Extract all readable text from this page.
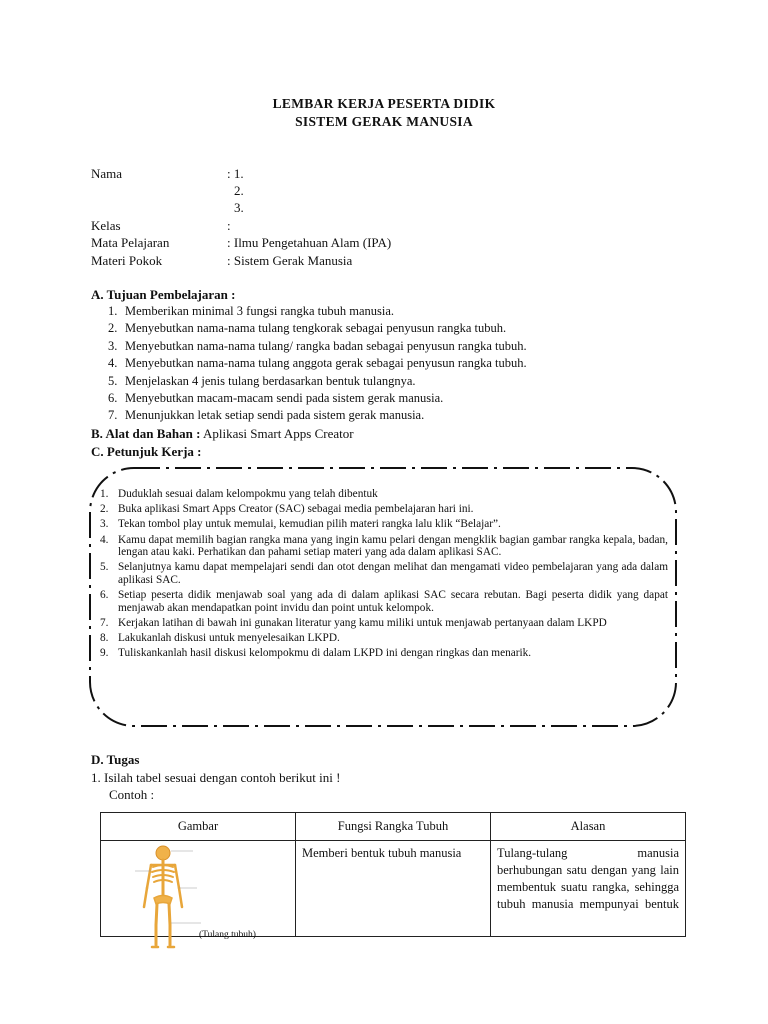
LEMBAR KERJA PESERTA DIDIK
SISTEM GERAK MANUSIA
Nama	: 1.
2.
3.
Kelas	:
Mata Pelajaran	: Ilmu Pengetahuan Alam (IPA)
Materi Pokok	: Sistem Gerak Manusia
A. Tujuan Pembelajaran :
1. Memberikan minimal 3 fungsi rangka tubuh manusia.
2. Menyebutkan nama-nama tulang tengkorak sebagai penyusun rangka tubuh.
3. Menyebutkan nama-nama tulang/ rangka badan sebagai penyusun rangka tubuh.
4. Menyebutkan nama-nama tulang anggota gerak sebagai penyusun rangka tubuh.
5. Menjelaskan 4 jenis tulang berdasarkan bentuk tulangnya.
6. Menyebutkan macam-macam sendi pada sistem gerak manusia.
7. Menunjukkan letak setiap sendi pada sistem gerak manusia.
B. Alat dan Bahan : Aplikasi Smart Apps Creator
C. Petunjuk Kerja :
1. Duduklah sesuai dalam kelompokmu yang telah dibentuk
2. Buka aplikasi Smart Apps Creator (SAC) sebagai media pembelajaran hari ini.
3. Tekan tombol play untuk memulai, kemudian pilih materi rangka lalu klik “Belajar”.
4. Kamu dapat memilih bagian rangka mana yang ingin kamu pelari dengan mengklik bagian gambar rangka kepala, badan, lengan atau kaki. Perhatikan dan pahami setiap materi yang ada dalam aplikasi SAC.
5. Selanjutnya kamu dapat mempelajari sendi dan otot dengan melihat dan mengamati video pembelajaran yang ada dalam aplikasi SAC.
6. Setiap peserta didik menjawab soal yang ada di dalam aplikasi SAC secara rebutan. Bagi peserta didik yang dapat menjawab akan mendapatkan point invidu dan point untuk kelompok.
7. Kerjakan latihan di bawah ini gunakan literatur yang kamu miliki untuk menjawab pertanyaan dalam LKPD
8. Lakukanlah diskusi untuk menyelesaikan LKPD.
9. Tuliskankanlah hasil diskusi kelompokmu di dalam LKPD ini dengan ringkas dan menarik.
D. Tugas
1. Isilah tabel sesuai dengan contoh berikut ini !
Contoh :
Gambar	Fungsi Rangka Tubuh	Alasan

(Tulang tubuh)	Memberi bentuk tubuh manusia	Tulang-tulang manusia berhubungan satu dengan yang lain membentuk suatu rangka, sehingga tubuh manusia mempunyai bentuk
